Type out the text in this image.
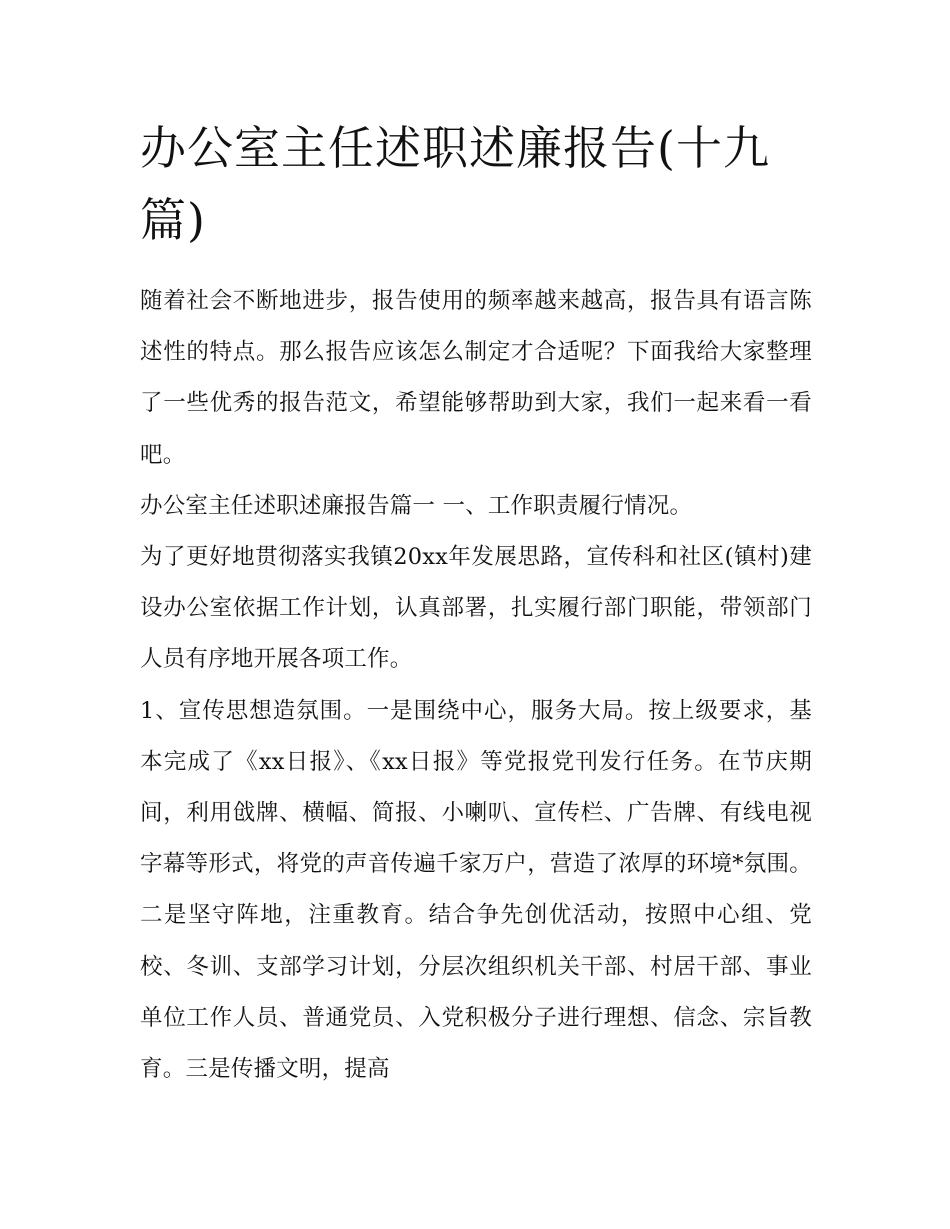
办公室主任述职述廉报告(十九篇)

随着社会不断地进步，报告使用的频率越来越高，报告具有语言陈述性的特点。那么报告应该怎么制定才合适呢？下面我给大家整理了一些优秀的报告范文，希望能够帮助到大家，我们一起来看一看吧。

办公室主任述职述廉报告篇一 一、工作职责履行情况。

为了更好地贯彻落实我镇20xx年发展思路，宣传科和社区(镇村)建设办公室依据工作计划，认真部署，扎实履行部门职能，带领部门人员有序地开展各项工作。

1、宣传思想造氛围。一是围绕中心，服务大局。按上级要求，基本完成了《xx日报》、《xx日报》等党报党刊发行任务。在节庆期间，利用戗牌、横幅、简报、小喇叭、宣传栏、广告牌、有线电视字幕等形式，将党的声音传遍千家万户，营造了浓厚的环境*氛围。二是坚守阵地，注重教育。结合争先创优活动，按照中心组、党校、冬训、支部学习计划，分层次组织机关干部、村居干部、事业单位工作人员、普通党员、入党积极分子进行理想、信念、宗旨教育。三是传播文明，提高
